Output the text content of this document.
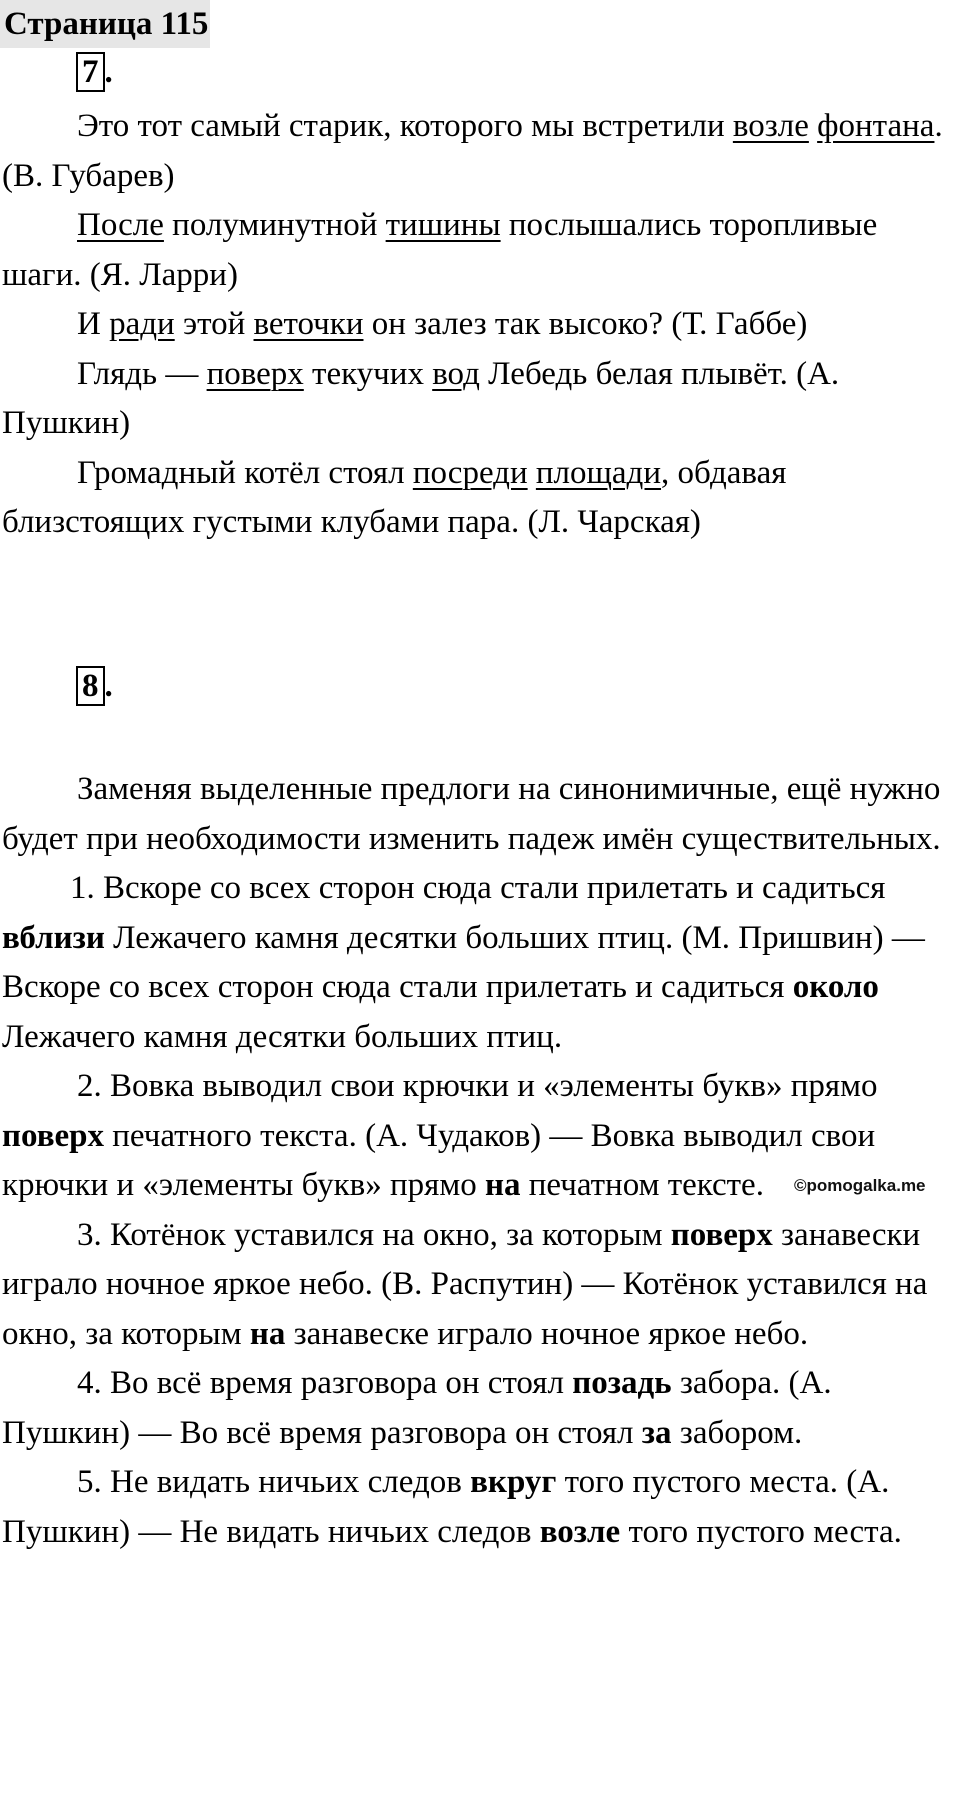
Страница 115
7 .

Это тот самый старик, которого мы встретили возле фонтана. (В. Губарев)

После полуминутной тишины послышались торопливые шаги. (Я. Ларри)

И ради этой веточки он залез так высоко? (Т. Габбе)

Глядь — поверх текучих вод Лебедь белая плывёт. (А. Пушкин)

Громадный котёл стоял посреди площади, обдавая близстоящих густыми клубами пара. (Л. Чарская)

8 .

Заменяя выделенные предлоги на синонимичные, ещё нужно будет при необходимости изменить падеж имён существительных.

1. Вскоре со всех сторон сюда стали прилетать и садиться вблизи Лежачего камня десятки больших птиц. (М. Пришвин) — Вскоре со всех сторон сюда стали прилетать и садиться около Лежачего камня десятки больших птиц.

2. Вовка выводил свои крючки и «элементы букв» прямо поверх печатного текста. (А. Чудаков) — Вовка выводил свои крючки и «элементы букв» прямо на печатном тексте. ©pomogalka.me

3. Котёнок уставился на окно, за которым поверх занавески играло ночное яркое небо. (В. Распутин) — Котёнок уставился на окно, за которым на занавеске играло ночное яркое небо.

4. Во всё время разговора он стоял позадь забора. (А. Пушкин) — Во всё время разговора он стоял за забором.

5. Не видать ничьих следов вкруг того пустого места. (А. Пушкин) — Не видать ничьих следов возле того пустого места.
